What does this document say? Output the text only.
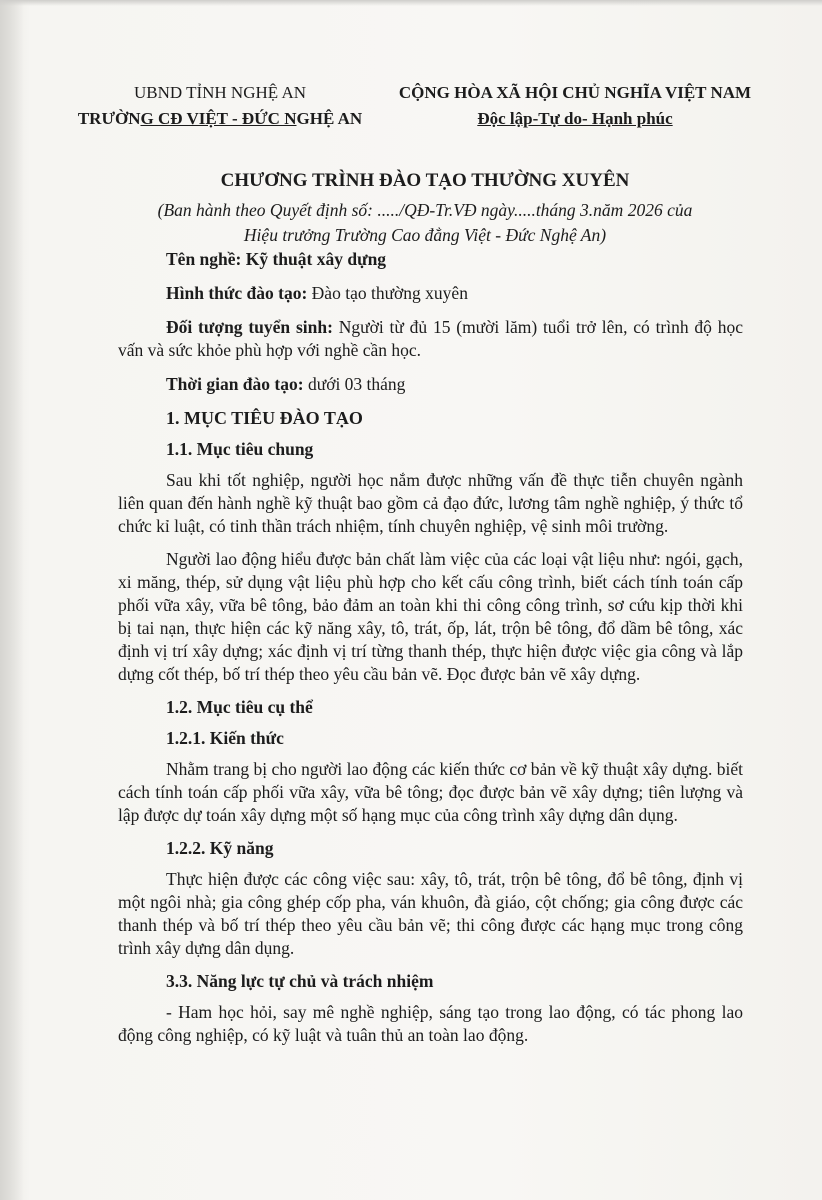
UBND TỈNH NGHỆ AN
TRƯỜNG CĐ VIỆT - ĐỨC NGHỆ AN
CỘNG HÒA XÃ HỘI CHỦ NGHĨA VIỆT NAM
Độc lập-Tự do- Hạnh phúc
CHƯƠNG TRÌNH ĐÀO TẠO THƯỜNG XUYÊN
(Ban hành theo Quyết định số: ...../QĐ-Tr.VĐ ngày.....tháng 3.năm 2026 của
Hiệu trưởng Trường Cao đẳng Việt - Đức Nghệ An)

Tên nghề: Kỹ thuật xây dựng

Hình thức đào tạo: Đào tạo thường xuyên

Đối tượng tuyển sinh: Người từ đủ 15 (mười lăm) tuổi trở lên, có trình độ học vấn và sức khỏe phù hợp với nghề cần học.

Thời gian đào tạo: dưới 03 tháng

1. MỤC TIÊU ĐÀO TẠO
1.1. Mục tiêu chung

Sau khi tốt nghiệp, người học nắm được những vấn đề thực tiễn chuyên ngành liên quan đến hành nghề kỹ thuật bao gồm cả đạo đức, lương tâm nghề nghiệp, ý thức tổ chức kỉ luật, có tinh thần trách nhiệm, tính chuyên nghiệp, vệ sinh môi trường.

Người lao động hiểu được bản chất làm việc của các loại vật liệu như: ngói, gạch, xi măng, thép, sử dụng vật liệu phù hợp cho kết cấu công trình, biết cách tính toán cấp phối vữa xây, vữa bê tông, bảo đảm an toàn khi thi công công trình, sơ cứu kịp thời khi bị tai nạn, thực hiện các kỹ năng xây, tô, trát, ốp, lát, trộn bê tông, đổ dầm bê tông, xác định vị trí xây dựng; xác định vị trí từng thanh thép, thực hiện được việc gia công và lắp dựng cốt thép, bố trí thép theo yêu cầu bản vẽ. Đọc được bản vẽ xây dựng.

1.2. Mục tiêu cụ thể
1.2.1. Kiến thức

Nhằm trang bị cho người lao động các kiến thức cơ bản về kỹ thuật xây dựng. biết cách tính toán cấp phối vữa xây, vữa bê tông; đọc được bản vẽ xây dựng; tiên lượng và lập được dự toán xây dựng một số hạng mục của công trình xây dựng dân dụng.

1.2.2. Kỹ năng

Thực hiện được các công việc sau: xây, tô, trát, trộn bê tông, đổ bê tông, định vị một ngôi nhà; gia công ghép cốp pha, ván khuôn, đà giáo, cột chống; gia công được các thanh thép và bố trí thép theo yêu cầu bản vẽ; thi công được các hạng mục trong công trình xây dựng dân dụng.

3.3. Năng lực tự chủ và trách nhiệm

- Ham học hỏi, say mê nghề nghiệp, sáng tạo trong lao động, có tác phong lao động công nghiệp, có kỹ luật và tuân thủ an toàn lao động.
